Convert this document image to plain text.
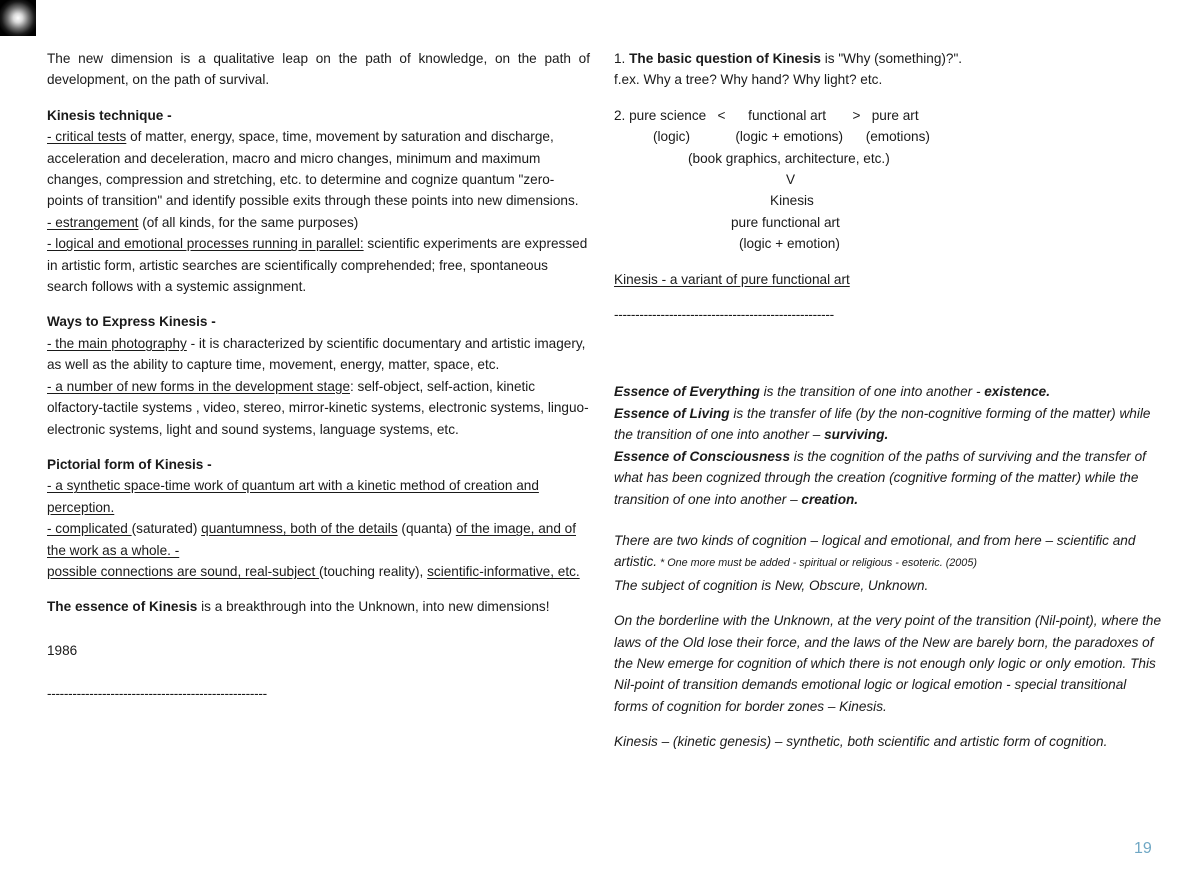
The new dimension is a qualitative leap on the path of knowledge, on the path of development, on the path of survival.

Kinesis technique -

- critical tests of matter, energy, space, time, movement by saturation and discharge, acceleration and deceleration, macro and micro changes, minimum and maximum changes, compression and stretching, etc. to determine and cognize quantum "zero-points of transition" and identify possible exits through these points into new dimensions.

- estrangement (of all kinds, for the same purposes)

- logical and emotional processes running in parallel: scientific experiments are expressed in artistic form, artistic searches are scientifically comprehended; free, spontaneous search follows with a systemic assignment.

Ways to Express Kinesis -

- the main photography - it is characterized by scientific documentary and artistic imagery, as well as the ability to capture time, movement, energy, matter, space, etc.

- a number of new forms in the development stage: self-object, self-action, kinetic olfactory-tactile systems , video, stereo, mirror-kinetic systems, electronic systems, linguo-electronic systems, light and sound systems, language systems, etc.

Pictorial form of Kinesis -

- a synthetic space-time work of quantum art with a kinetic method of creation and perception.

- complicated (saturated) quantumness, both of the details (quanta) of the image, and of the work as a whole. -

possible connections are sound, real-subject (touching reality), scientific-informative, etc.

The essence of Kinesis is a breakthrough into the Unknown, into new dimensions!

1986

----------------------------------------------------

1. The basic question of Kinesis is "Why (something)?".

f.ex. Why a tree? Why hand? Why light? etc.

2. pure science < functional art > pure art
(logic)	(logic + emotions) (emotions)
(book graphics, architecture, etc.)
V
Kinesis
pure functional art
(logic + emotion)

Kinesis - a variant of pure functional art

----------------------------------------------------

Essence of Everything is the transition of one into another - existence.

Essence of Living is the transfer of life (by the non-cognitive forming of the matter) while the transition of one into another – surviving.

Essence of Consciousness is the cognition of the paths of surviving and the transfer of what has been cognized through the creation (cognitive forming of the matter) while the transition of one into another – creation.

There are two kinds of cognition – logical and emotional, and from here – scientific and artistic. * One more must be added - spiritual or religious - esoteric. (2005)

The subject of cognition is New, Obscure, Unknown.

On the borderline with the Unknown, at the very point of the transition (Nil-point), where the laws of the Old lose their force, and the laws of the New are barely born, the paradoxes of the New emerge for cognition of which there is not enough only logic or only emotion. This Nil-point of transition demands emotional logic or logical emotion - special transitional forms of cognition for border zones – Kinesis.

Kinesis – (kinetic genesis) – synthetic, both scientific and artistic form of cognition.

19
